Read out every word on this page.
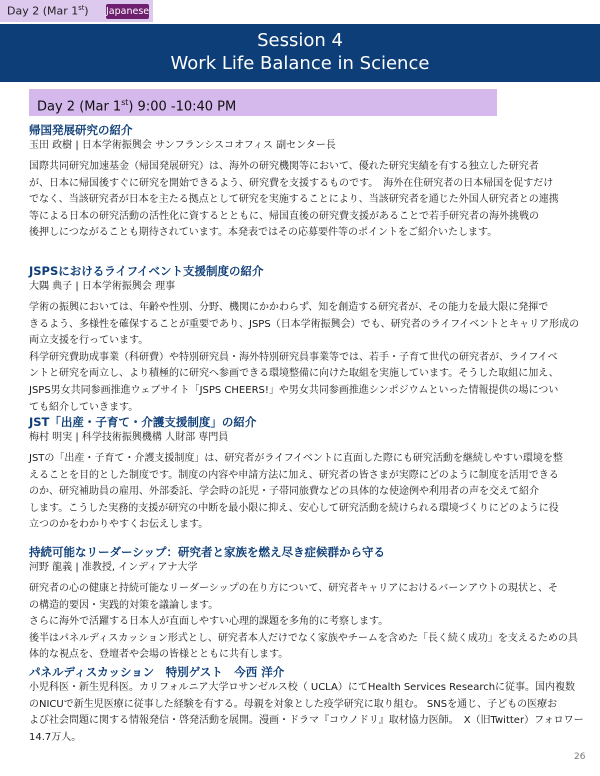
Day 2 (Mar 1st) Japanese
Session 4
Work Life Balance in Science
Day 2 (Mar 1st) 9:00 -10:40 PM
帰国発展研究の紹介
玉田 政樹 | 日本学術振興会 サンフランシスコオフィス 副センター長
国際共同研究加速基金（帰国発展研究）は、海外の研究機関等において、優れた研究実績を有する独立した研究者
が、日本に帰国後すぐに研究を開始できるよう、研究費を支援するものです。　海外在住研究者の日本帰国を促すだけ
でなく、当該研究者が日本を主たる拠点として研究を実施することにより、当該研究者を通じた外国人研究者との連携
等による日本の研究活動の活性化に資するとともに、帰国直後の研究費支援があることで若手研究者の海外挑戦の
後押しにつながることも期待されています。本発表ではその応募要件等のポイントをご紹介いたします。
JSPSにおけるライフイベント支援制度の紹介
大隅 典子 | 日本学術振興会 理事
学術の振興においては、年齢や性別、分野、機関にかかわらず、知を創造する研究者が、その能力を最大限に発揮で
きるよう、多様性を確保することが重要であり、JSPS（日本学術振興会）でも、研究者のライフイベントとキャリア形成の
両立支援を行っています。
科学研究費助成事業（科研費）や特別研究員・海外特別研究員事業等では、若手・子育て世代の研究者が、ライフイベ
ントと研究を両立し、より積極的に研究へ参画できる環境整備に向けた取組を実施しています。そうした取組に加え、
JSPS男女共同参画推進ウェブサイト「JSPS CHEERS!」や男女共同参画推進シンポジウムといった情報提供の場につい
ても紹介していきます。
JST「出産・子育て・介護支援制度」の紹介
梅村 明実 | 科学技術振興機構 人財部 専門員
JSTの「出産・子育て・介護支援制度」は、研究者がライフイベントに直面した際にも研究活動を継続しやすい環境を整
えることを目的とした制度です。制度の内容や申請方法に加え、研究者の皆さまが実際にどのように制度を活用できる
のか、研究補助員の雇用、外部委託、学会時の託児・子帯同旅費などの具体的な使途例や利用者の声を交えて紹介
します。こうした実務的支援が研究の中断を最小限に抑え、安心して研究活動を続けられる環境づくりにどのように役
立つのかをわかりやすくお伝えします。
持続可能なリーダーシップ：研究者と家族を燃え尽き症候群から守る
河野 龍義 | 准教授, インディアナ大学
研究者の心の健康と持続可能なリーダーシップの在り方について、研究者キャリアにおけるバーンアウトの現状と、そ
の構造的要因・実践的対策を議論します。
さらに海外で活躍する日本人が直面しやすい心理的課題を多角的に考察します。
後半はパネルディスカッション形式とし、研究者本人だけでなく家族やチームを含めた「長く続く成功」を支えるための具
体的な視点を、登壇者や会場の皆様とともに共有します。
パネルディスカッション　特別ゲスト　今西 洋介
小児科医・新生児科医。カリフォルニア大学ロサンゼルス校（ UCLA）にてHealth Services Researchに従事。国内複数
のNICUで新生児医療に従事した経験を有する。母親を対象とした疫学研究に取り組む。 SNSを通じ、子どもの医療お
よび社会問題に関する情報発信・啓発活動を展開。漫画・ドラマ『コウノドリ』取材協力医師。　X（旧Twitter）フォロワー
14.7万人。
26
